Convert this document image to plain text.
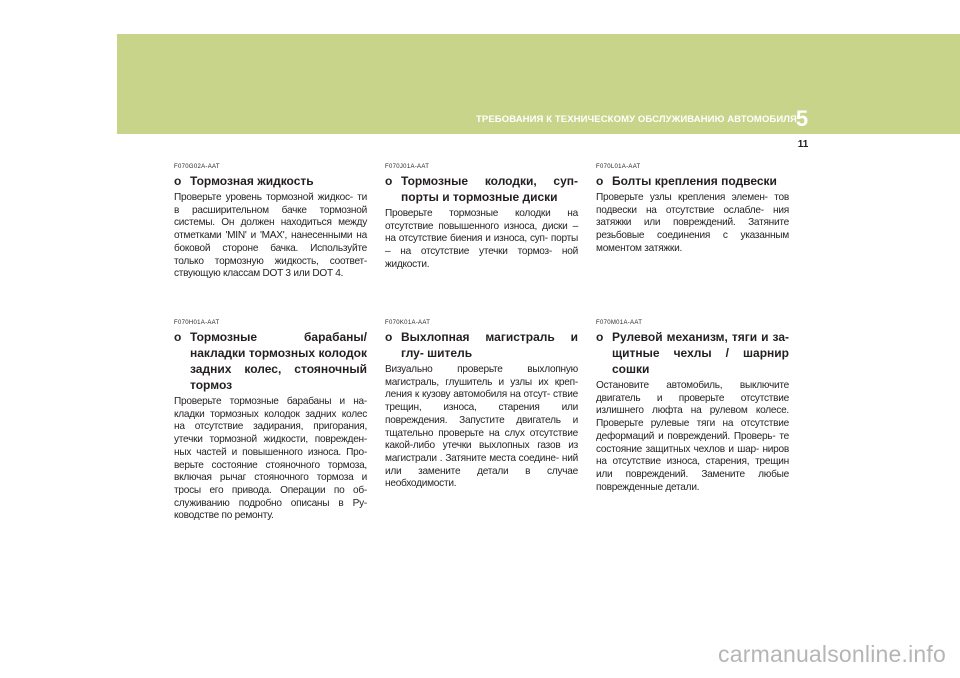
ТРЕБОВАНИЯ К ТЕХНИЧЕСКОМУ ОБСЛУЖИВАНИЮ АВТОМОБИЛЯ
5
11
F070G02A-AAT
o Тормозная жидкость

Проверьте уровень тормозной жидкос- ти в расширительном бачке тормозной системы. Он должен находиться между отметками 'MIN' и 'MAX', нанесенными на боковой стороне бачка. Используйте только тормозную жидкость, соответ- ствующую классам DOT 3 или DOT 4.

F070H01A-AAT
o Тормозные барабаны/накладки тормозных колодок задних колес, стояночный тормоз

Проверьте тормозные барабаны и на- кладки тормозных колодок задних колес на отсутствие задирания, пригорания, утечки тормозной жидкости, поврежден- ных частей и повышенного износа. Про- верьте состояние стояночного тормоза, включая рычаг стояночного тормоза и тросы его привода. Операции по об- служиванию подробно описаны в Ру- ководстве по ремонту.

F070J01A-AAT
o Тормозные колодки, суп- порты и тормозные диски

Проверьте тормозные колодки на отсутствие повышенного износа, диски – на отсутствие биения и износа, суп- порты – на отсутствие утечки тормоз- ной жидкости.

F070K01A-AAT
o Выхлопная магистраль и глу- шитель

Визуально проверьте выхлопную магистраль, глушитель и узлы их креп- ления к кузову автомобиля на отсут- ствие трещин, износа, старения или повреждения. Запустите двигатель и тщательно проверьте на слух отсутствие какой-либо утечки выхлопных газов из магистрали . Затяните места соедине- ний или замените детали в случае необходимости.

F070L01A-AAT
o Болты крепления подвески

Проверьте узлы крепления элемен- тов подвески на отсутствие ослабле- ния затяжки или повреждений. Затяните резьбовые соединения с указанным моментом затяжки.

F070M01A-AAT
o Рулевой механизм, тяги и за- щитные чехлы / шарнир сошки

Остановите автомобиль, выключите двигатель и проверьте отсутствие излишнего люфта на рулевом колесе. Проверьте рулевые тяги на отсутствие деформаций и повреждений. Проверь- те состояние защитных чехлов и шар- ниров на отсутствие износа, старения, трещин или повреждений. Замените любые поврежденные детали.

carmanualsonline.info
